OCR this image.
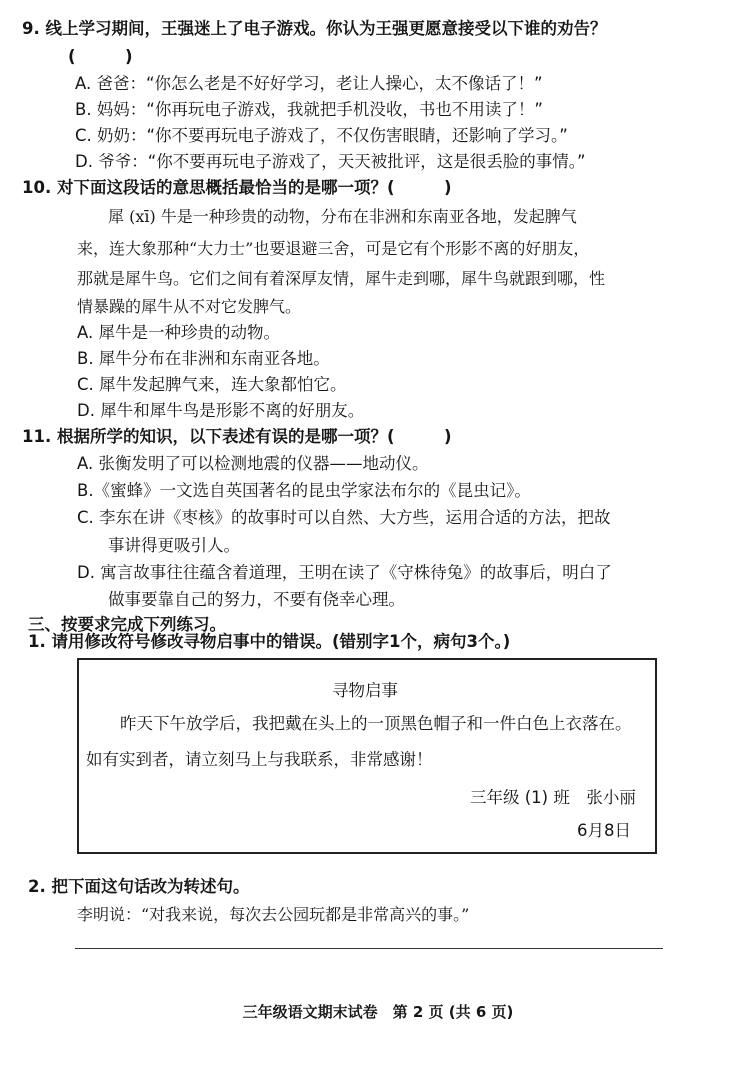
9. 线上学习期间，王强迷上了电子游戏。你认为王强更愿意接受以下谁的劝告？
(　　　)
A. 爸爸：“你怎么老是不好好学习，老让人操心，太不像话了！”
B. 妈妈：“你再玩电子游戏，我就把手机没收，书也不用读了！”
C. 奶奶：“你不要再玩电子游戏了，不仅伤害眼睛，还影响了学习。”
D. 爷爷：“你不要再玩电子游戏了，天天被批评，这是很丢脸的事情。”
10. 对下面这段话的意思概括最恰当的是哪一项？(　　　)
犀 (xī) 牛是一种珍贵的动物，分布在非洲和东南亚各地，发起脾气
来，连大象那种“大力士”也要退避三舍，可是它有个形影不离的好朋友，
那就是犀牛鸟。它们之间有着深厚友情，犀牛走到哪，犀牛鸟就跟到哪，性
情暴躁的犀牛从不对它发脾气。
A. 犀牛是一种珍贵的动物。
B. 犀牛分布在非洲和东南亚各地。
C. 犀牛发起脾气来，连大象都怕它。
D. 犀牛和犀牛鸟是形影不离的好朋友。
11. 根据所学的知识，以下表述有误的是哪一项？(　　　)
A. 张衡发明了可以检测地震的仪器——地动仪。
B.《蜜蜂》一文选自英国著名的昆虫学家法布尔的《昆虫记》。
C. 李东在讲《枣核》的故事时可以自然、大方些，运用合适的方法，把故
事讲得更吸引人。
D. 寓言故事往往蕴含着道理，王明在读了《守株待兔》的故事后，明白了
做事要靠自己的努力，不要有侥幸心理。
三、按要求完成下列练习。
1. 请用修改符号修改寻物启事中的错误。(错别字1个，病句3个。)
寻物启事
昨天下午放学后，我把戴在头上的一顶黑色帽子和一件白色上衣落在。
如有实到者，请立刻马上与我联系，非常感谢！
三年级 (1) 班　张小丽
6月8日
2. 把下面这句话改为转述句。
李明说：“对我来说，每次去公园玩都是非常高兴的事。”
三年级语文期末试卷　第 2 页 (共 6 页)
